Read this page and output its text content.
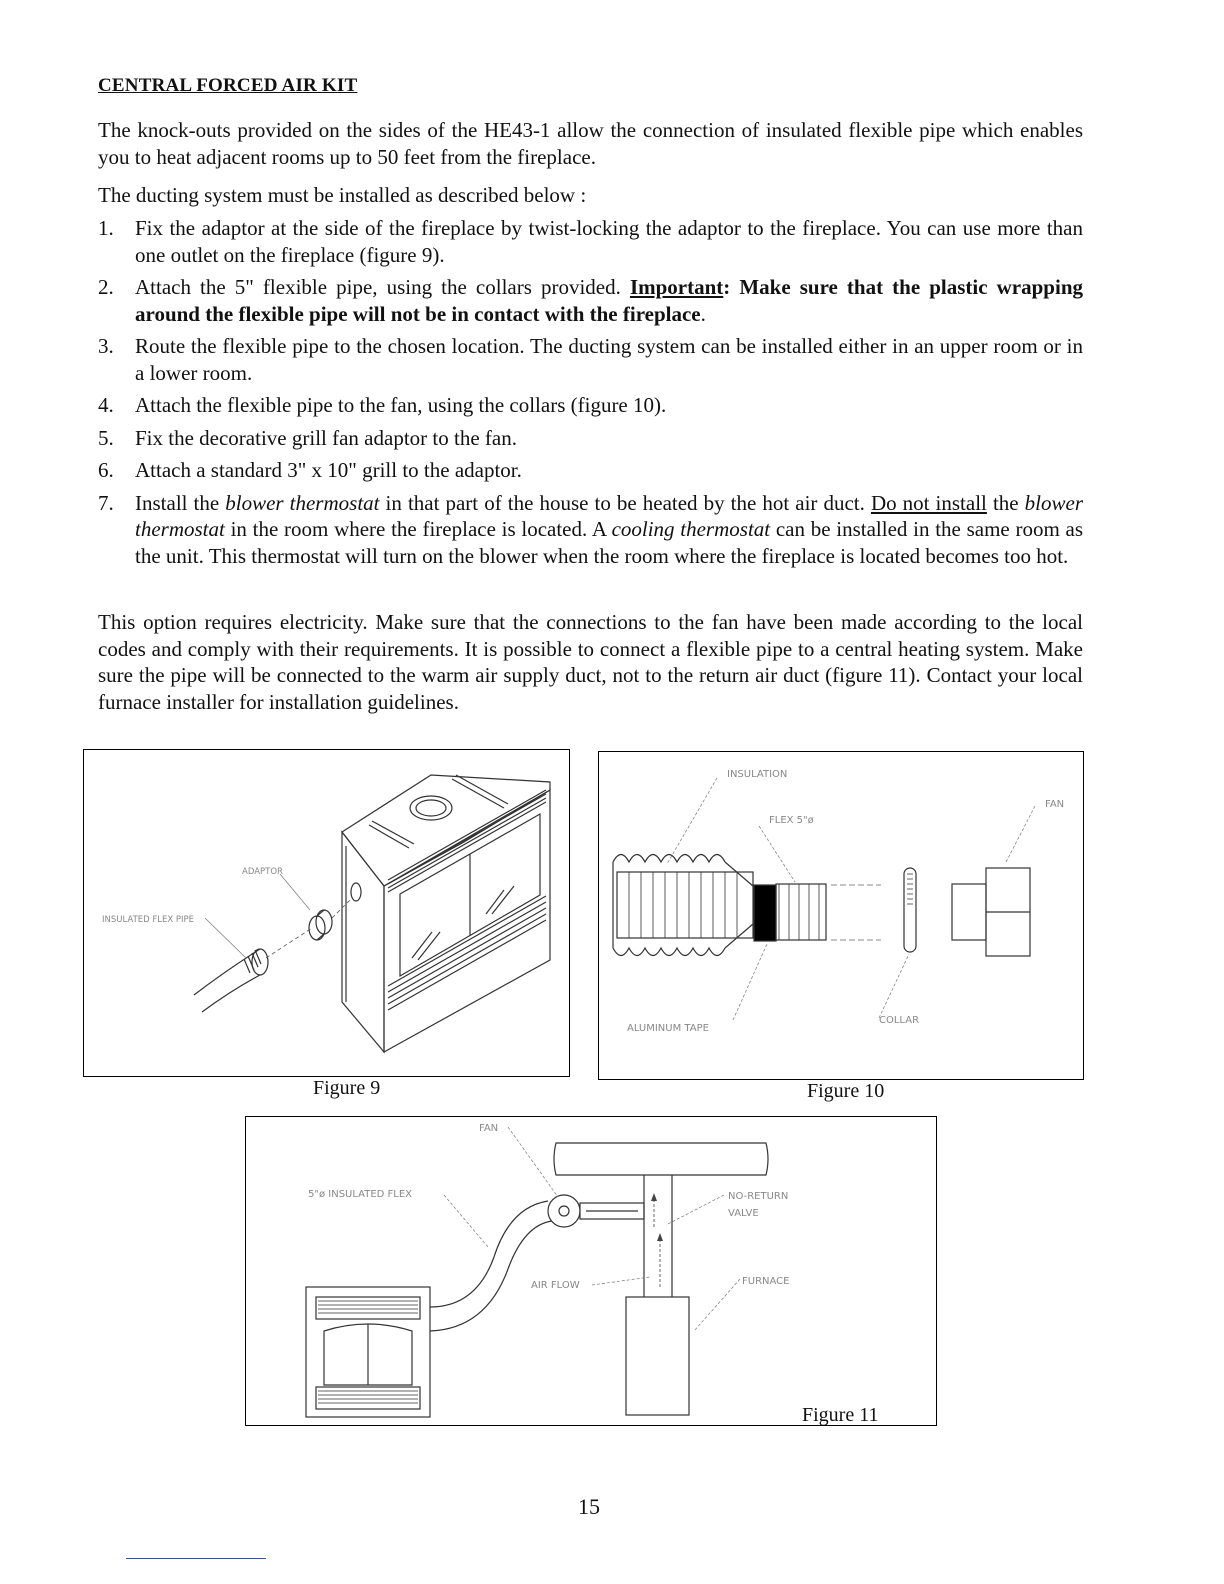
CENTRAL FORCED AIR KIT

The knock-outs provided on the sides of the HE43-1 allow the connection of insulated flexible pipe which enables you to heat adjacent rooms up to 50 feet from the fireplace.

The ducting system must be installed as described below :

1. Fix the adaptor at the side of the fireplace by twist-locking the adaptor to the fireplace. You can use more than one outlet on the fireplace (figure 9).
2. Attach the 5" flexible pipe, using the collars provided. Important: Make sure that the plastic wrapping around the flexible pipe will not be in contact with the fireplace.
3. Route the flexible pipe to the chosen location. The ducting system can be installed either in an upper room or in a lower room.
4. Attach the flexible pipe to the fan, using the collars (figure 10).
5. Fix the decorative grill fan adaptor to the fan.
6. Attach a standard 3" x 10" grill to the adaptor.
7. Install the blower thermostat in that part of the house to be heated by the hot air duct. Do not install the blower thermostat in the room where the fireplace is located. A cooling thermostat can be installed in the same room as the unit. This thermostat will turn on the blower when the room where the fireplace is located becomes too hot.

This option requires electricity. Make sure that the connections to the fan have been made according to the local codes and comply with their requirements. It is possible to connect a flexible pipe to a central heating system. Make sure the pipe will be connected to the warm air supply duct, not to the return air duct (figure 11). Contact your local furnace installer for installation guidelines.

ADAPTOR
INSULATED FLEX PIPE
Figure 9
INSULATION
FLEX 5"ø
FAN
ALUMINUM TAPE
COLLAR
Figure 10
FAN
5"ø INSULATED FLEX	NO-RETURN
VALVE
AIR FLOW	FURNACE
Figure 11
15
